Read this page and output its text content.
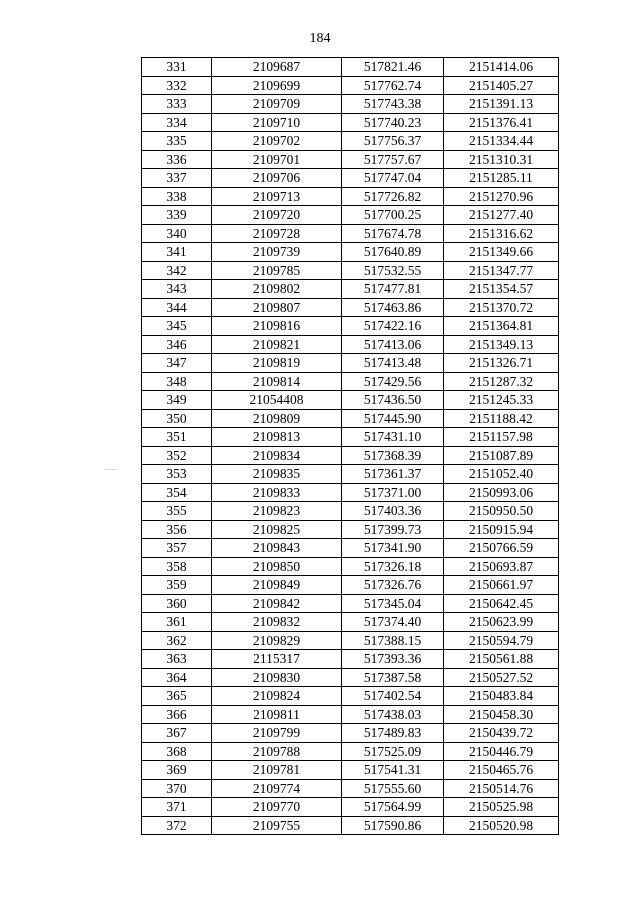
184
331	2109687	517821.46	2151414.06
332	2109699	517762.74	2151405.27
333	2109709	517743.38	2151391.13
334	2109710	517740.23	2151376.41
335	2109702	517756.37	2151334.44
336	2109701	517757.67	2151310.31
337	2109706	517747.04	2151285.11
338	2109713	517726.82	2151270.96
339	2109720	517700.25	2151277.40
340	2109728	517674.78	2151316.62
341	2109739	517640.89	2151349.66
342	2109785	517532.55	2151347.77
343	2109802	517477.81	2151354.57
344	2109807	517463.86	2151370.72
345	2109816	517422.16	2151364.81
346	2109821	517413.06	2151349.13
347	2109819	517413.48	2151326.71
348	2109814	517429.56	2151287.32
349	21054408	517436.50	2151245.33
350	2109809	517445.90	2151188.42
351	2109813	517431.10	2151157.98
352	2109834	517368.39	2151087.89
353	2109835	517361.37	2151052.40
354	2109833	517371.00	2150993.06
355	2109823	517403.36	2150950.50
356	2109825	517399.73	2150915.94
357	2109843	517341.90	2150766.59
358	2109850	517326.18	2150693.87
359	2109849	517326.76	2150661.97
360	2109842	517345.04	2150642.45
361	2109832	517374.40	2150623.99
362	2109829	517388.15	2150594.79
363	2115317	517393.36	2150561.88
364	2109830	517387.58	2150527.52
365	2109824	517402.54	2150483.84
366	2109811	517438.03	2150458.30
367	2109799	517489.83	2150439.72
368	2109788	517525.09	2150446.79
369	2109781	517541.31	2150465.76
370	2109774	517555.60	2150514.76
371	2109770	517564.99	2150525.98
372	2109755	517590.86	2150520.98
